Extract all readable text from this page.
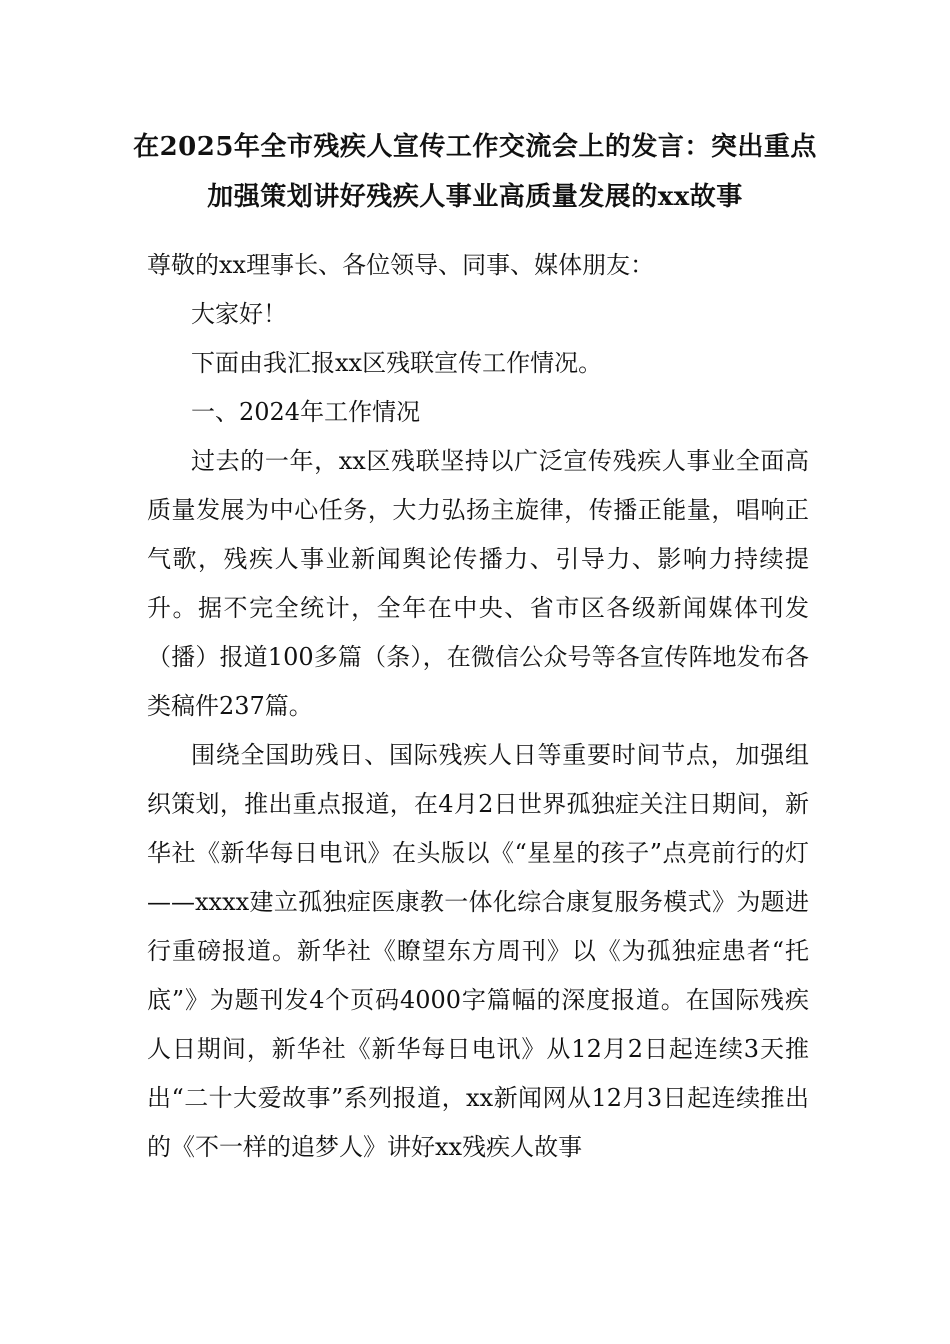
在2025年全市残疾人宣传工作交流会上的发言：突出重点
加强策划讲好残疾人事业高质量发展的xx故事

尊敬的xx理事长、各位领导、同事、媒体朋友：

大家好！

下面由我汇报xx区残联宣传工作情况。

一、2024年工作情况

过去的一年，xx区残联坚持以广泛宣传残疾人事业全面高质量发展为中心任务，大力弘扬主旋律，传播正能量，唱响正气歌，残疾人事业新闻舆论传播力、引导力、影响力持续提升。据不完全统计，全年在中央、省市区各级新闻媒体刊发（播）报道100多篇（条），在微信公众号等各宣传阵地发布各类稿件237篇。

围绕全国助残日、国际残疾人日等重要时间节点，加强组织策划，推出重点报道，在4月2日世界孤独症关注日期间，新华社《新华每日电讯》在头版以《“星星的孩子”点亮前行的灯——xxxx建立孤独症医康教一体化综合康复服务模式》为题进行重磅报道。新华社《瞭望东方周刊》以《为孤独症患者“托底”》为题刊发4个页码4000字篇幅的深度报道。在国际残疾人日期间，新华社《新华每日电讯》从12月2日起连续3天推出“二十大爱故事”系列报道，xx新闻网从12月3日起连续推出的《不一样的追梦人》讲好xx残疾人故事
